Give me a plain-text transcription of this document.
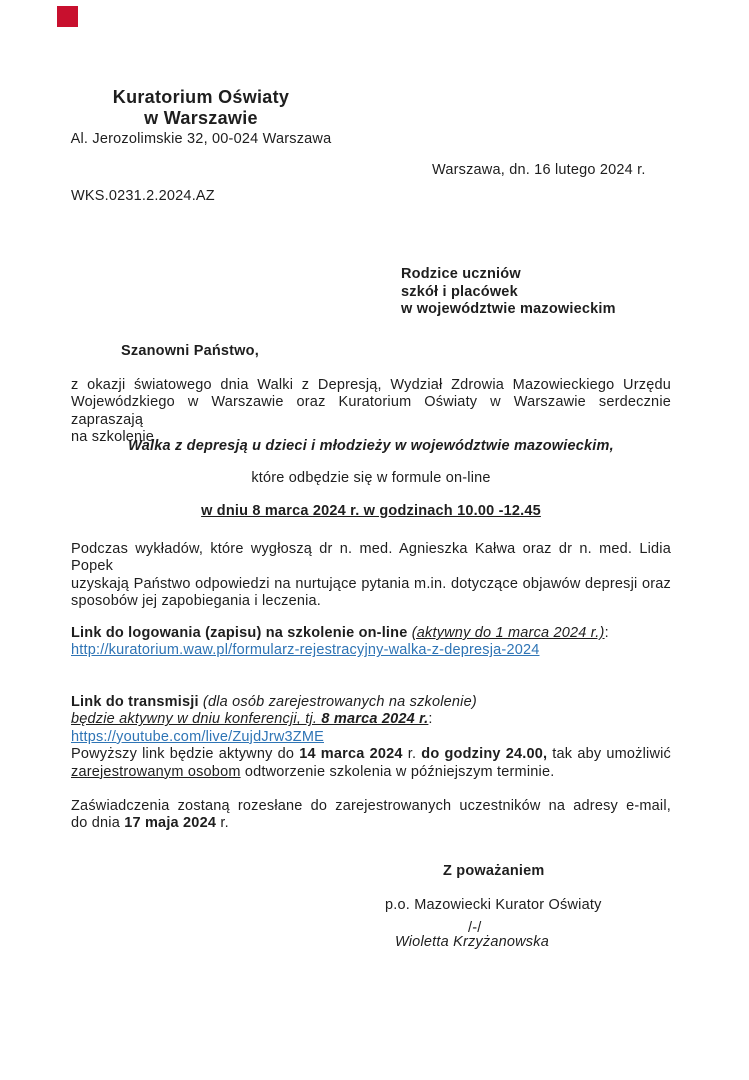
Kuratorium Oświaty
w Warszawie
Al. Jerozolimskie 32, 00-024 Warszawa
Warszawa, dn. 16 lutego 2024 r.
WKS.0231.2.2024.AZ
Rodzice uczniów
szkół i placówek
w województwie mazowieckim
Szanowni Państwo,
z okazji światowego dnia Walki z Depresją, Wydział Zdrowia Mazowieckiego Urzędu
Wojewódzkiego w Warszawie oraz Kuratorium Oświaty w Warszawie serdecznie zapraszają
na szkolenie
Walka z depresją u dzieci i młodzieży w województwie mazowieckim,
które odbędzie się w formule on-line
w dniu 8 marca 2024 r. w godzinach 10.00 -12.45
Podczas wykładów, które wygłoszą dr n. med. Agnieszka Kałwa oraz dr n. med. Lidia Popek
uzyskają Państwo odpowiedzi na nurtujące pytania m.in. dotyczące objawów depresji oraz
sposobów jej zapobiegania i leczenia.
Link do logowania (zapisu) na szkolenie on-line (aktywny do 1 marca 2024 r.):
http://kuratorium.waw.pl/formularz-rejestracyjny-walka-z-depresja-2024
Link do transmisji (dla osób zarejestrowanych na szkolenie)
będzie aktywny w dniu konferencji, tj. 8 marca 2024 r.:
https://youtube.com/live/ZujdJrw3ZME
Powyższy link będzie aktywny do 14 marca 2024 r. do godziny 24.00, tak aby umożliwić
zarejestrowanym osobom odtworzenie szkolenia w późniejszym terminie.
Zaświadczenia zostaną rozesłane do zarejestrowanych uczestników na adresy e-mail,
do dnia 17 maja 2024 r.
Z poważaniem
p.o. Mazowiecki Kurator Oświaty
/-/
Wioletta Krzyżanowska
